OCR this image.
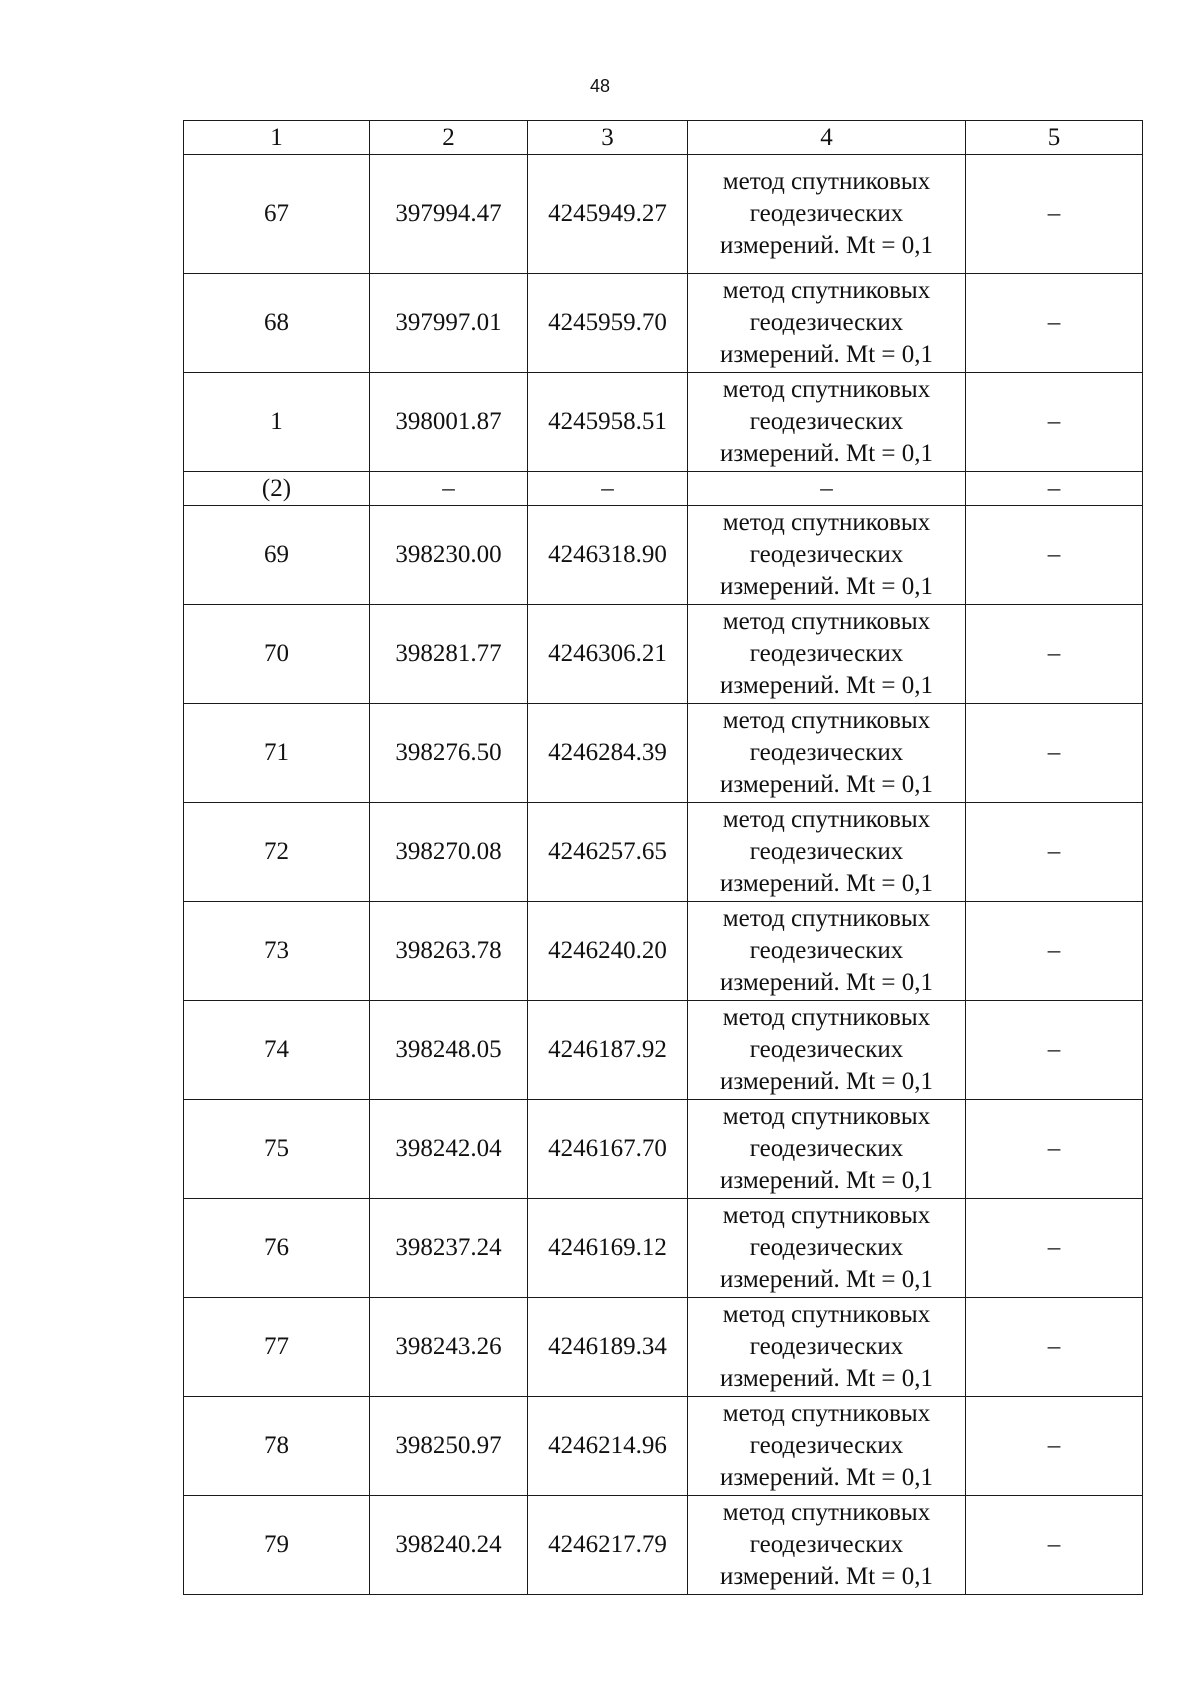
48
1	2	3	4	5
67	397994.47	4245949.27	метод спутниковых
геодезических
измерений. Mt = 0,1	–
68	397997.01	4245959.70	метод спутниковых
геодезических
измерений. Mt = 0,1	–
1	398001.87	4245958.51	метод спутниковых
геодезических
измерений. Mt = 0,1	–
(2)	–	–	–	–
69	398230.00	4246318.90	метод спутниковых
геодезических
измерений. Mt = 0,1	–
70	398281.77	4246306.21	метод спутниковых
геодезических
измерений. Mt = 0,1	–
71	398276.50	4246284.39	метод спутниковых
геодезических
измерений. Mt = 0,1	–
72	398270.08	4246257.65	метод спутниковых
геодезических
измерений. Mt = 0,1	–
73	398263.78	4246240.20	метод спутниковых
геодезических
измерений. Mt = 0,1	–
74	398248.05	4246187.92	метод спутниковых
геодезических
измерений. Mt = 0,1	–
75	398242.04	4246167.70	метод спутниковых
геодезических
измерений. Mt = 0,1	–
76	398237.24	4246169.12	метод спутниковых
геодезических
измерений. Mt = 0,1	–
77	398243.26	4246189.34	метод спутниковых
геодезических
измерений. Mt = 0,1	–
78	398250.97	4246214.96	метод спутниковых
геодезических
измерений. Mt = 0,1	–
79	398240.24	4246217.79	метод спутниковых
геодезических
измерений. Mt = 0,1	–
